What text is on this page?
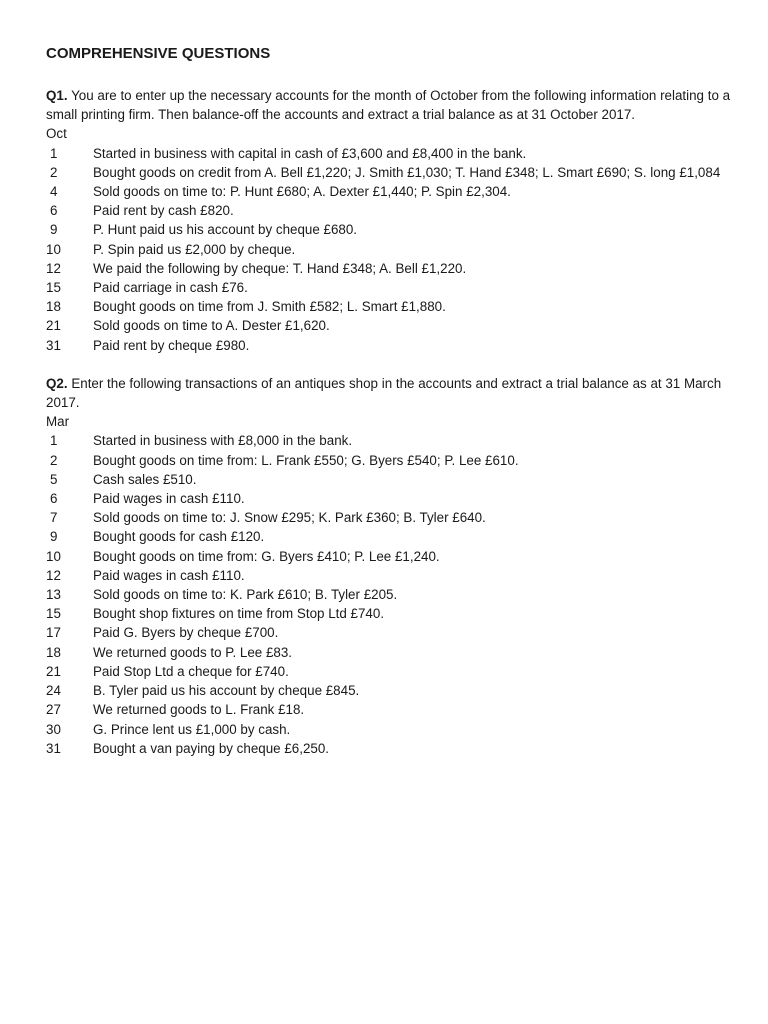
COMPREHENSIVE QUESTIONS

Q1. You are to enter up the necessary accounts for the month of October from the following information relating to a small printing firm. Then balance-off the accounts and extract a trial balance as at 31 October 2017.

Oct

1	Started in business with capital in cash of £3,600 and £8,400 in the bank.
2	Bought goods on credit from A. Bell £1,220; J. Smith £1,030; T. Hand £348; L. Smart £690; S. long £1,084
4	Sold goods on time to: P. Hunt £680; A. Dexter £1,440; P. Spin £2,304.
6	Paid rent by cash £820.
9	P. Hunt paid us his account by cheque £680.
10	P. Spin paid us £2,000 by cheque.
12	We paid the following by cheque: T. Hand £348; A. Bell £1,220.
15	Paid carriage in cash £76.
18	Bought goods on time from J. Smith £582; L. Smart £1,880.
21	Sold goods on time to A. Dester £1,620.
31	Paid rent by cheque £980.

Q2. Enter the following transactions of an antiques shop in the accounts and extract a trial balance as at 31 March 2017.

Mar

1	Started in business with £8,000 in the bank.
2	Bought goods on time from: L. Frank £550; G. Byers £540; P. Lee £610.
5	Cash sales £510.
6	Paid wages in cash £110.
7	Sold goods on time to: J. Snow £295; K. Park £360; B. Tyler £640.
9	Bought goods for cash £120.
10	Bought goods on time from: G. Byers £410; P. Lee £1,240.
12	Paid wages in cash £110.
13	Sold goods on time to: K. Park £610; B. Tyler £205.
15	Bought shop fixtures on time from Stop Ltd £740.
17	Paid G. Byers by cheque £700.
18	We returned goods to P. Lee £83.
21	Paid Stop Ltd a cheque for £740.
24	B. Tyler paid us his account by cheque £845.
27	We returned goods to L. Frank £18.
30	G. Prince lent us £1,000 by cash.
31	Bought a van paying by cheque £6,250.
